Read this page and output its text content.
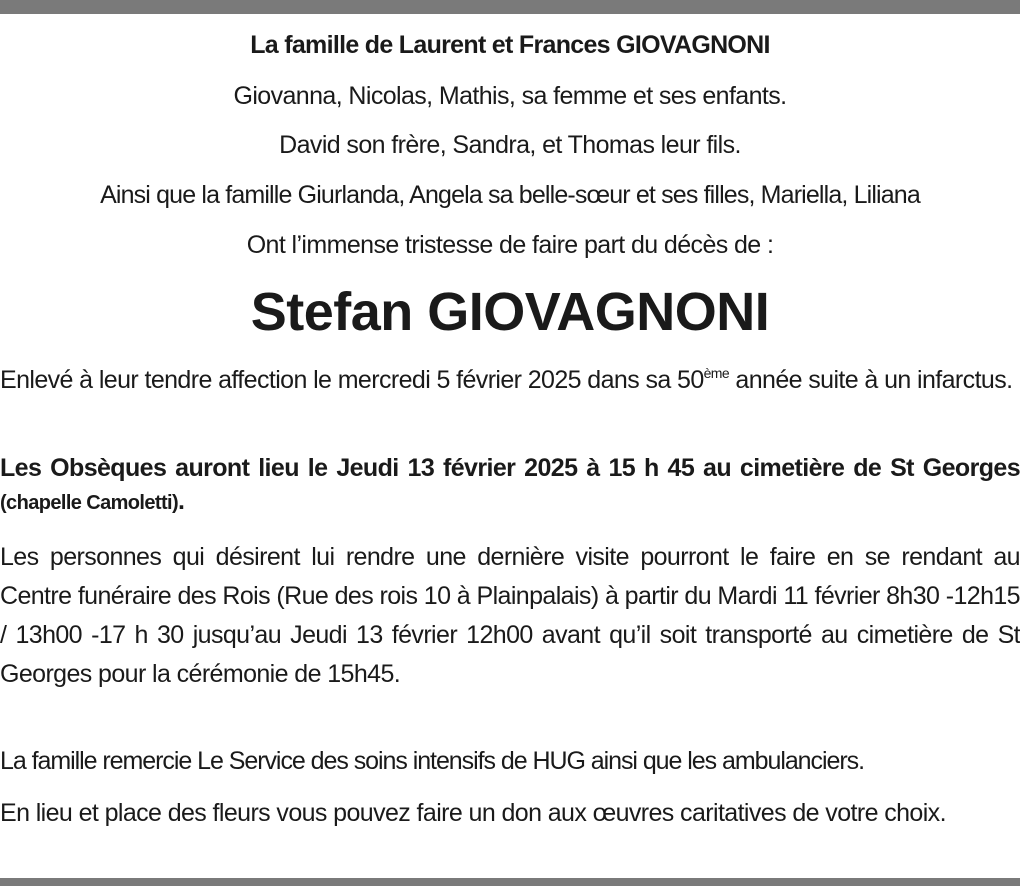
La famille de Laurent et Frances GIOVAGNONI
Giovanna, Nicolas, Mathis, sa femme et ses enfants.
David son frère, Sandra, et Thomas leur fils.
Ainsi que la famille Giurlanda, Angela sa belle-sœur et ses filles, Mariella, Liliana
Ont l’immense tristesse de faire part du décès de :
Stefan GIOVAGNONI
Enlevé à leur tendre affection le mercredi 5 février 2025 dans sa 50ème année suite à un infarctus.
Les Obsèques auront lieu le Jeudi 13 février 2025 à 15 h 45 au cimetière de St Georges (chapelle Camoletti).
Les personnes qui désirent lui rendre une dernière visite pourront le faire en se rendant au Centre funéraire des Rois (Rue des rois 10 à Plainpalais) à partir du Mardi 11 février 8h30 -12h15 / 13h00 -17 h 30 jusqu’au Jeudi 13 février 12h00 avant qu’il soit transporté au cimetière de St Georges pour la cérémonie de 15h45.
La famille remercie Le Service des soins intensifs de HUG ainsi que les ambulanciers.
En lieu et place des fleurs vous pouvez faire un don aux œuvres caritatives de votre choix.
